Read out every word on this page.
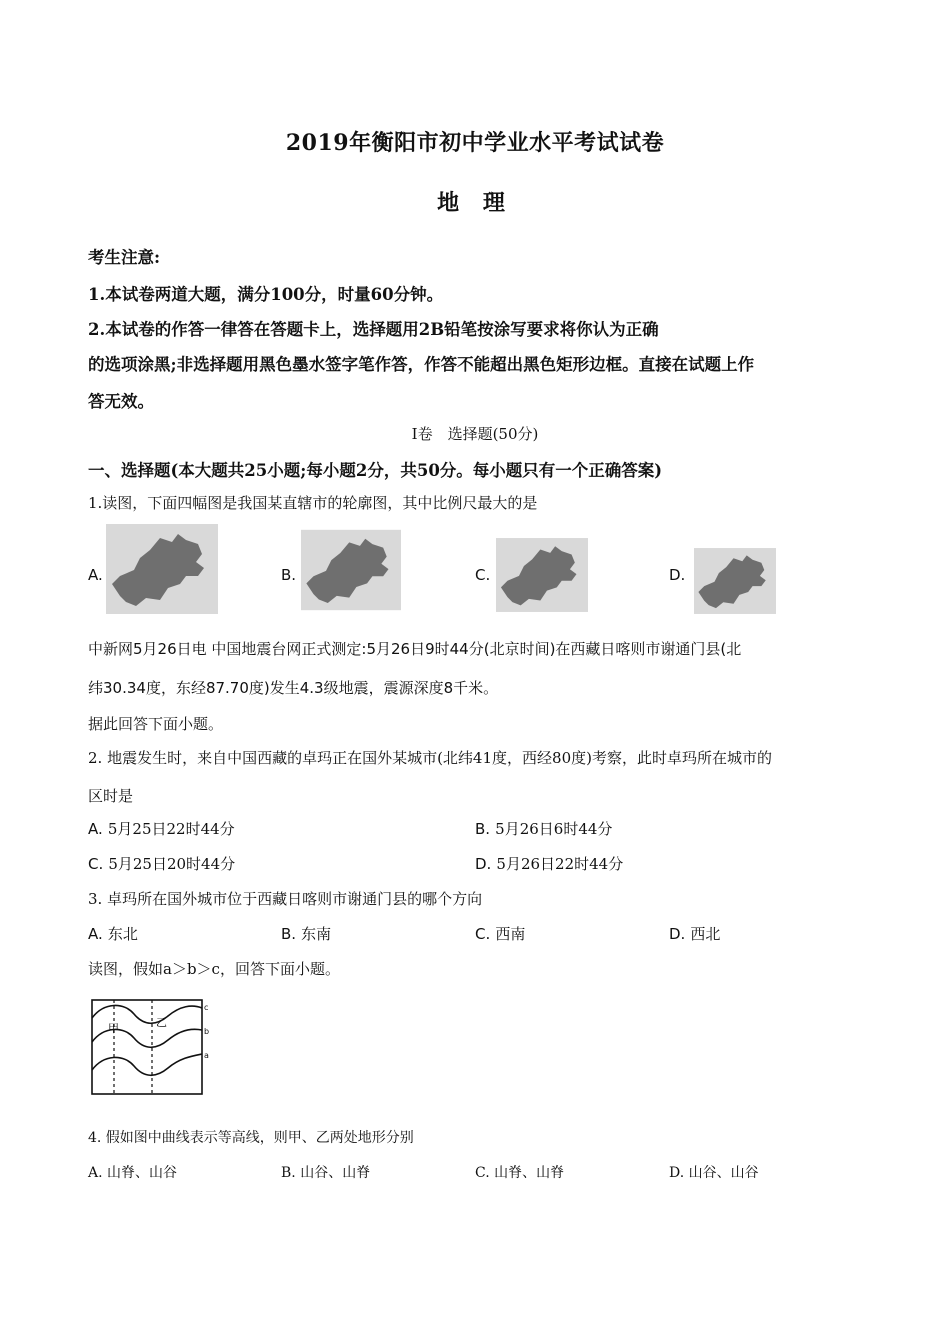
2019年衡阳市初中学业水平考试试卷
地 理
考生注意:
1.本试卷两道大题，满分100分，时量60分钟。
2.本试卷的作答一律答在答题卡上，选择题用2B铅笔按涂写要求将你认为正确
的选项涂黑;非选择题用黑色墨水签字笔作答，作答不能超出黑色矩形边框。直接在试题上作
答无效。
I卷　选择题(50分)
一、选择题(本大题共25小题;每小题2分，共50分。每小题只有一个正确答案)
1.读图，下面四幅图是我国某直辖市的轮廓图，其中比例尺最大的是
A.	B.	C.	D.
中新网5月26日电 中国地震台网正式测定:5月26日9时44分(北京时间)在西藏日喀则市谢通门县(北
纬30.34度，东经87.70度)发生4.3级地震，震源深度8千米。
据此回答下面小题。
2. 地震发生时，来自中国西藏的卓玛正在国外某城市(北纬41度，西经80度)考察，此时卓玛所在城市的
区时是
A. 5月25日22时44分	B. 5月26日6时44分
C. 5月25日20时44分	D. 5月26日22时44分
3. 卓玛所在国外城市位于西藏日喀则市谢通门县的哪个方向
A. 东北	B. 东南	C. 西南	D. 西北
读图，假如a＞b＞c，回答下面小题。
甲	乙
c
b
a
4. 假如图中曲线表示等高线，则甲、乙两处地形分别
A. 山脊、山谷	B. 山谷、山脊	C. 山脊、山脊	D. 山谷、山谷
